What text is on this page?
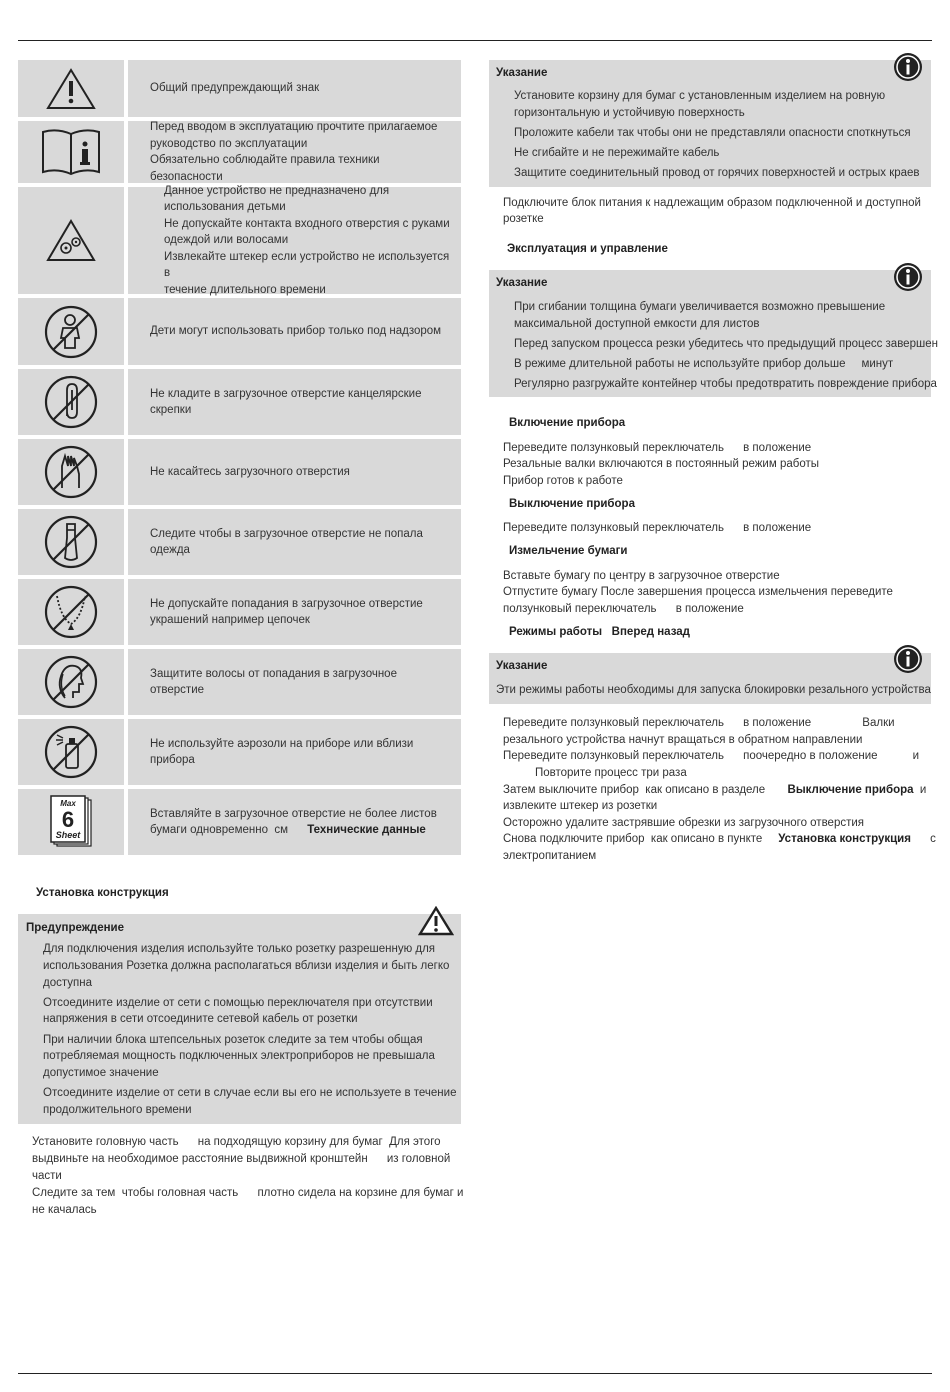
Общий предупреждающий знак
Перед вводом в эксплуатацию прочтите прилагаемое
руководство по эксплуатации
Обязательно соблюдайте правила техники безопасности
Данное устройство не предназначено для
использования детьми
Не допускайте контакта входного отверстия с руками
одеждой или волосами
Извлекайте штекер если устройство не используется в
течение длительного времени
Дети могут использовать прибор только под надзором
Не кладите в загрузочное отверстие канцелярские
скрепки
Не касайтесь загрузочного отверстия
Следите чтобы в загрузочное отверстие не попала
одежда
Не допускайте попадания в загрузочное отверстие
украшений например цепочек
Защитите волосы от попадания в загрузочное отверстие
Не используйте аэрозоли на приборе или вблизи прибора
Max
6
Sheet
Вставляйте в загрузочное отверстие не более листов
бумаги одновременно  см      Технические данные
Установка конструкция
Предупреждение
Для подключения изделия используйте только розетку разрешенную для
использования Розетка должна располагаться вблизи изделия и быть легко
доступна
Отсоедините изделие от сети с помощью переключателя при отсутствии
напряжения в сети отсоедините сетевой кабель от розетки
При наличии блока штепсельных розеток следите за тем чтобы общая
потребляемая мощность подключенных электроприборов не превышала
допустимое значение
Отсоедините изделие от сети в случае если вы его не используете в течение
продолжительного времени
Установите головную часть      на подходящую корзину для бумаг  Для этого
выдвиньте на необходимое расстояние выдвижной кронштейн      из головной
части
Следите за тем  чтобы головная часть      плотно сидела на корзине для бумаг и
не качалась
Указание
Установите корзину для бумаг с установленным изделием на ровную
горизонтальную и устойчивую поверхность
Проложите кабели так чтобы они не представляли опасности споткнуться
Не сгибайте и не пережимайте кабель
Защитите соединительный провод от горячих поверхностей и острых краев
Подключите блок питания к надлежащим образом подключенной и доступной
розетке
Эксплуатация и управление
Указание
При сгибании толщина бумаги увеличивается возможно превышение
максимальной доступной емкости для листов
Перед запуском процесса резки убедитесь что предыдущий процесс завершен
В режиме длительной работы не используйте прибор дольше     минут
Регулярно разгружайте контейнер чтобы предотвратить повреждение прибора
Включение прибора
Переведите ползунковый переключатель      в положение
Резальные валки включаются в постоянный режим работы
Прибор готов к работе
Выключение прибора
Переведите ползунковый переключатель      в положение
Измельчение бумаги
Вставьте бумагу по центру в загрузочное отверстие
Отпустите бумагу После завершения процесса измельчения переведите
ползунковый переключатель      в положение
Режимы работы   Вперед назад
Указание
Эти режимы работы необходимы для запуска блокировки резального устройства
Переведите ползунковый переключатель      в положение                Валки
резального устройства начнут вращаться в обратном направлении
Переведите ползунковый переключатель      поочередно в положение           и
Повторите процесс три раза
Затем выключите прибор  как описано в разделе       Выключение прибора  и
извлеките штекер из розетки
Осторожно удалите застрявшие обрезки из загрузочного отверстия
Снова подключите прибор  как описано в пункте     Установка конструкция      с
электропитанием
